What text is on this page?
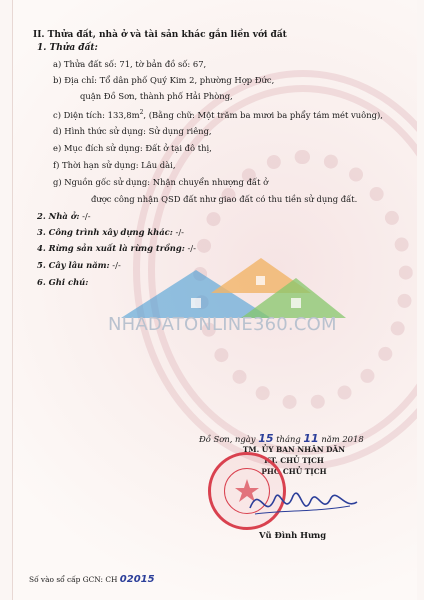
II. Thửa đất, nhà ở và tài sản khác gắn liền với đất
1. Thửa đất:
a) Thửa đất số: 71, tờ bản đồ số: 67,
b) Địa chỉ: Tổ dân phố Quý Kim 2, phường Hợp Đức,
quận Đồ Sơn, thành phố Hải Phòng,
c) Diện tích: $133,8m^2$, (Bằng chữ: Một trăm ba mươi ba phẩy tám mét vuông),
d) Hình thức sử dụng: Sử dụng riêng,
e) Mục đích sử dụng: Đất ở tại đô thị,
f) Thời hạn sử dụng: Lâu dài,
g) Nguồn gốc sử dụng: Nhận chuyển nhượng đất ở
được công nhận QSD đất như giao đất có thu tiền sử dụng đất.
2. Nhà ở: -/-
3. Công trình xây dựng khác: -/-
4. Rừng sản xuất là rừng trồng: -/-
5. Cây lâu năm: -/-
6. Ghi chú:
NHADATONLINE360.COM
Đồ Sơn, ngày 15 tháng 11 năm 2018
TM. ỦY BAN NHÂN DÂN
KT. CHỦ TỊCH
PHÓ CHỦ TỊCH
Vũ Đình Hưng
Số vào sổ cấp GCN: CH 02015
